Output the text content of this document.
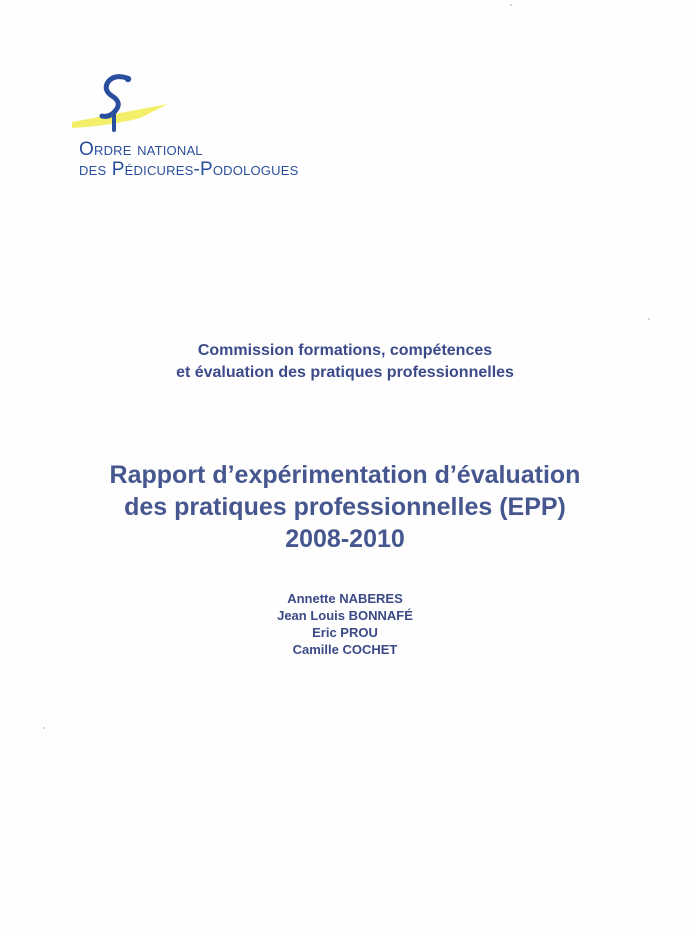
Ordre national
des Pédicures-Podologues
Commission formations, compétences
et évaluation des pratiques professionnelles
Rapport d’expérimentation d’évaluation
des pratiques professionnelles (EPP)
2008-2010
Annette NABERES
Jean Louis BONNAFÉ
Eric PROU
Camille COCHET
